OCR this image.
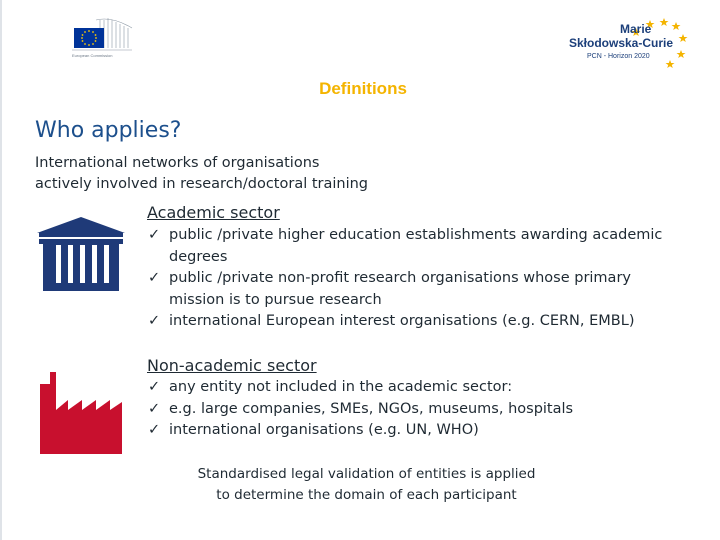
European Commission
Marie
Skłodowska-Curie
PCN - Horizon 2020
Definitions
Who applies?
International networks of organisations
actively involved in research/doctoral training
Academic sector
✓ public /private higher education establishments awarding academic degrees
✓ public /private non-profit research organisations whose primary mission is to pursue research
✓ international European interest organisations (e.g. CERN, EMBL)
Non-academic sector
✓ any entity not included in the academic sector:
✓ e.g. large companies, SMEs, NGOs, museums, hospitals
✓ international organisations (e.g. UN, WHO)
Standardised legal validation of entities is applied
to determine the domain of each participant
